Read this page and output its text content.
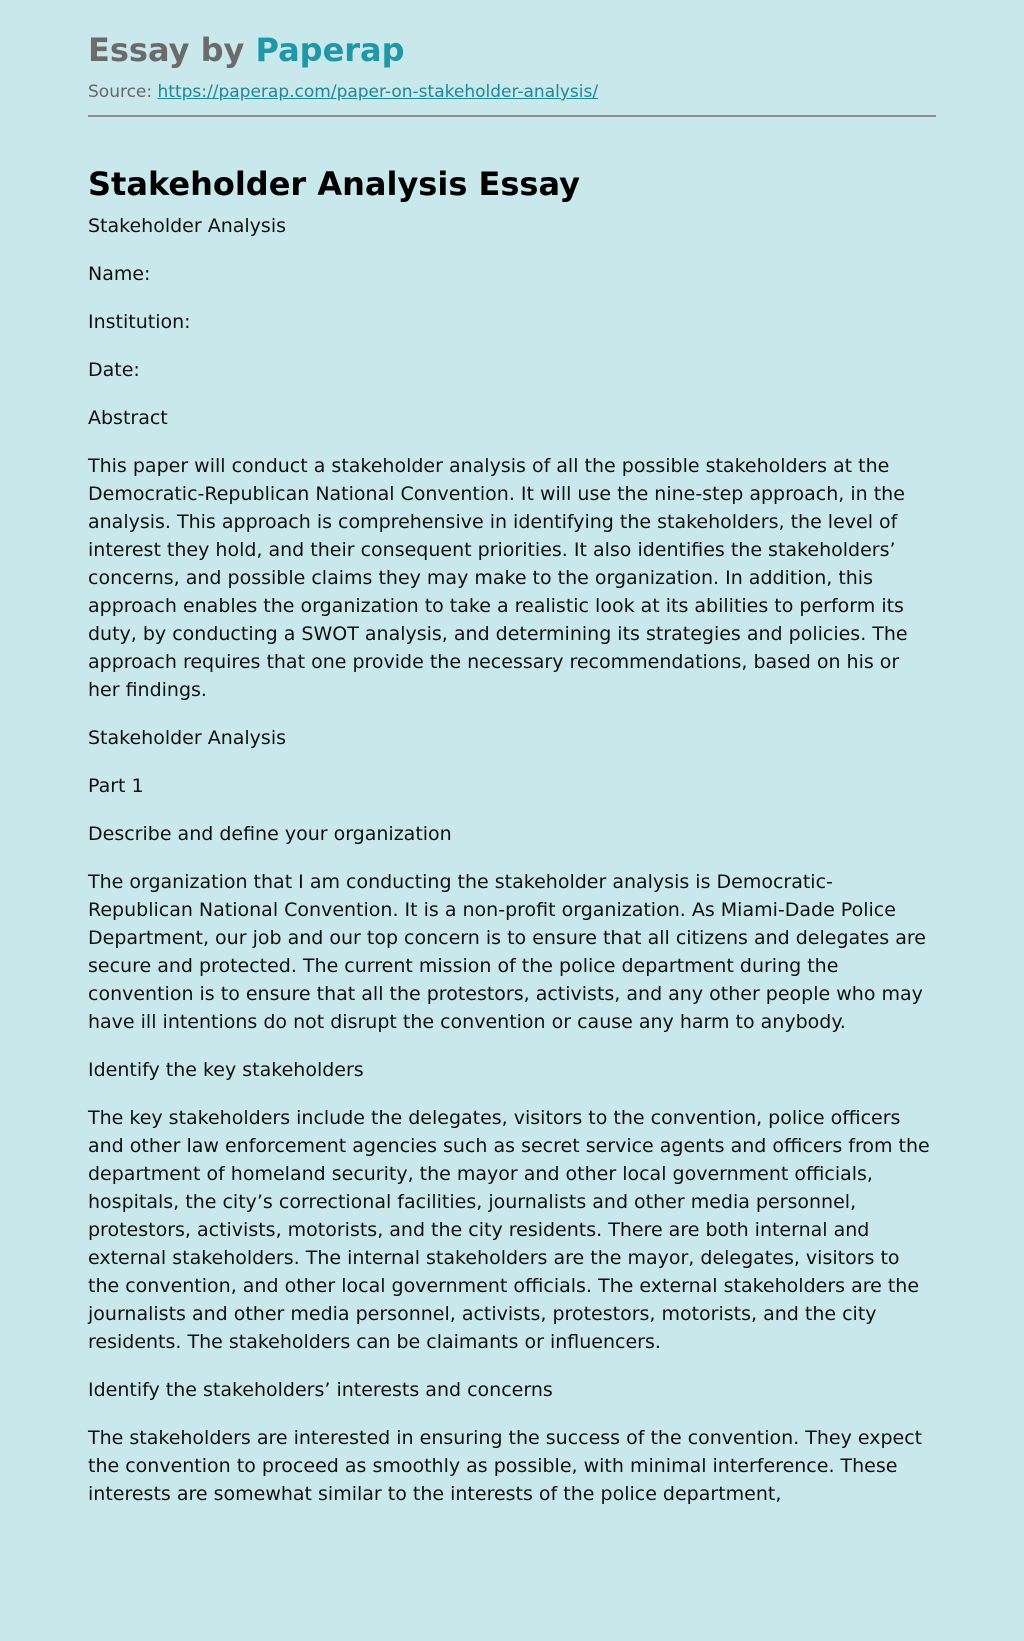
Essay by Paperap
Source: https://paperap.com/paper-on-stakeholder-analysis/
Stakeholder Analysis Essay

Stakeholder Analysis

Name:

Institution:

Date:

Abstract

This paper will conduct a stakeholder analysis of all the possible stakeholders at the Democratic-Republican National Convention. It will use the nine-step approach, in the analysis. This approach is comprehensive in identifying the stakeholders, the level of interest they hold, and their consequent priorities. It also identifies the stakeholders’ concerns, and possible claims they may make to the organization. In addition, this approach enables the organization to take a realistic look at its abilities to perform its duty, by conducting a SWOT analysis, and determining its strategies and policies. The approach requires that one provide the necessary recommendations, based on his or her findings.

Stakeholder Analysis

Part 1

Describe and define your organization

The organization that I am conducting the stakeholder analysis is Democratic-Republican National Convention. It is a non-profit organization. As Miami-Dade Police Department, our job and our top concern is to ensure that all citizens and delegates are secure and protected. The current mission of the police department during the convention is to ensure that all the protestors, activists, and any other people who may have ill intentions do not disrupt the convention or cause any harm to anybody.

Identify the key stakeholders

The key stakeholders include the delegates, visitors to the convention, police officers and other law enforcement agencies such as secret service agents and officers from the department of homeland security, the mayor and other local government officials, hospitals, the city’s correctional facilities, journalists and other media personnel, protestors, activists, motorists, and the city residents. There are both internal and external stakeholders. The internal stakeholders are the mayor, delegates, visitors to the convention, and other local government officials. The external stakeholders are the journalists and other media personnel, activists, protestors, motorists, and the city residents. The stakeholders can be claimants or influencers.

Identify the stakeholders’ interests and concerns

The stakeholders are interested in ensuring the success of the convention. They expect the convention to proceed as smoothly as possible, with minimal interference. These interests are somewhat similar to the interests of the police department,
